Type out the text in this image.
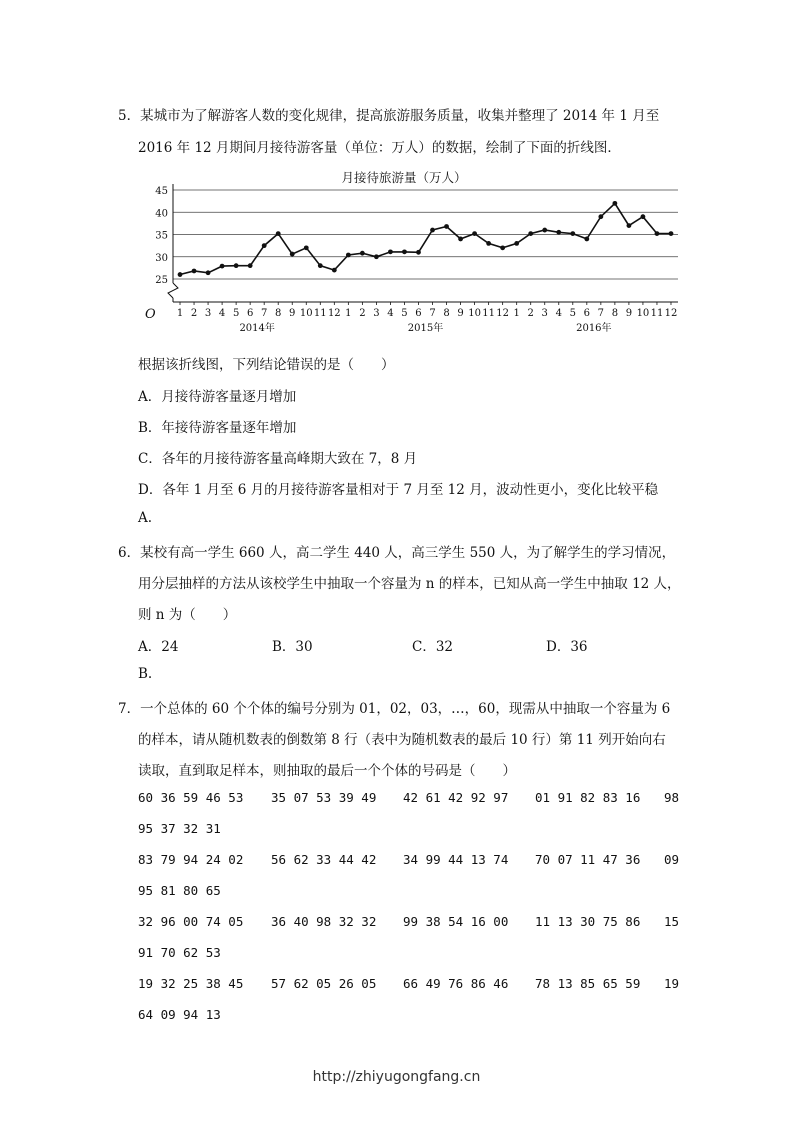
5．某城市为了解游客人数的变化规律，提高旅游服务质量，收集并整理了 2014 年 1 月至
2016 年 12 月期间月接待游客量（单位：万人）的数据，绘制了下面的折线图．
月接待旅游量（万人）
25
30
35
40
45
1 2 3 4 5 6 7 8 9 10 11 12 1 2 3 4 5 6 7 8 9 10 11 12 1 2 3 4 5 6 7 8 9 10 11 12
2014年	2015年	2016年
O
根据该折线图，下列结论错误的是（　　）
A．月接待游客量逐月增加
B．年接待游客量逐年增加
C．各年的月接待游客量高峰期大致在 7，8 月
D．各年 1 月至 6 月的月接待游客量相对于 7 月至 12 月，波动性更小，变化比较平稳
A.
6．某校有高一学生 660 人，高二学生 440 人，高三学生 550 人，为了解学生的学习情况，
用分层抽样的方法从该校学生中抽取一个容量为 n 的样本，已知从高一学生中抽取 12 人，
则 n 为（　　）
A．24	B．30	C．32	D．36
B.
7．一个总体的 60 个个体的编号分别为 01，02，03，…，60，现需从中抽取一个容量为 6
的样本，请从随机数表的倒数第 8 行（表中为随机数表的最后 10 行）第 11 列开始向右
读取，直到取足样本，则抽取的最后一个个体的号码是（　　）
60 36 59 46 53 35 07 53 39 49 42 61 42 92 97 01 91 82 83 16 98
95 37 32 31
83 79 94 24 02 56 62 33 44 42 34 99 44 13 74 70 07 11 47 36 09
95 81 80 65
32 96 00 74 05 36 40 98 32 32 99 38 54 16 00 11 13 30 75 86 15
91 70 62 53
19 32 25 38 45 57 62 05 26 05 66 49 76 86 46 78 13 85 65 59 19
64 09 94 13
http://zhiyugongfang.cn
